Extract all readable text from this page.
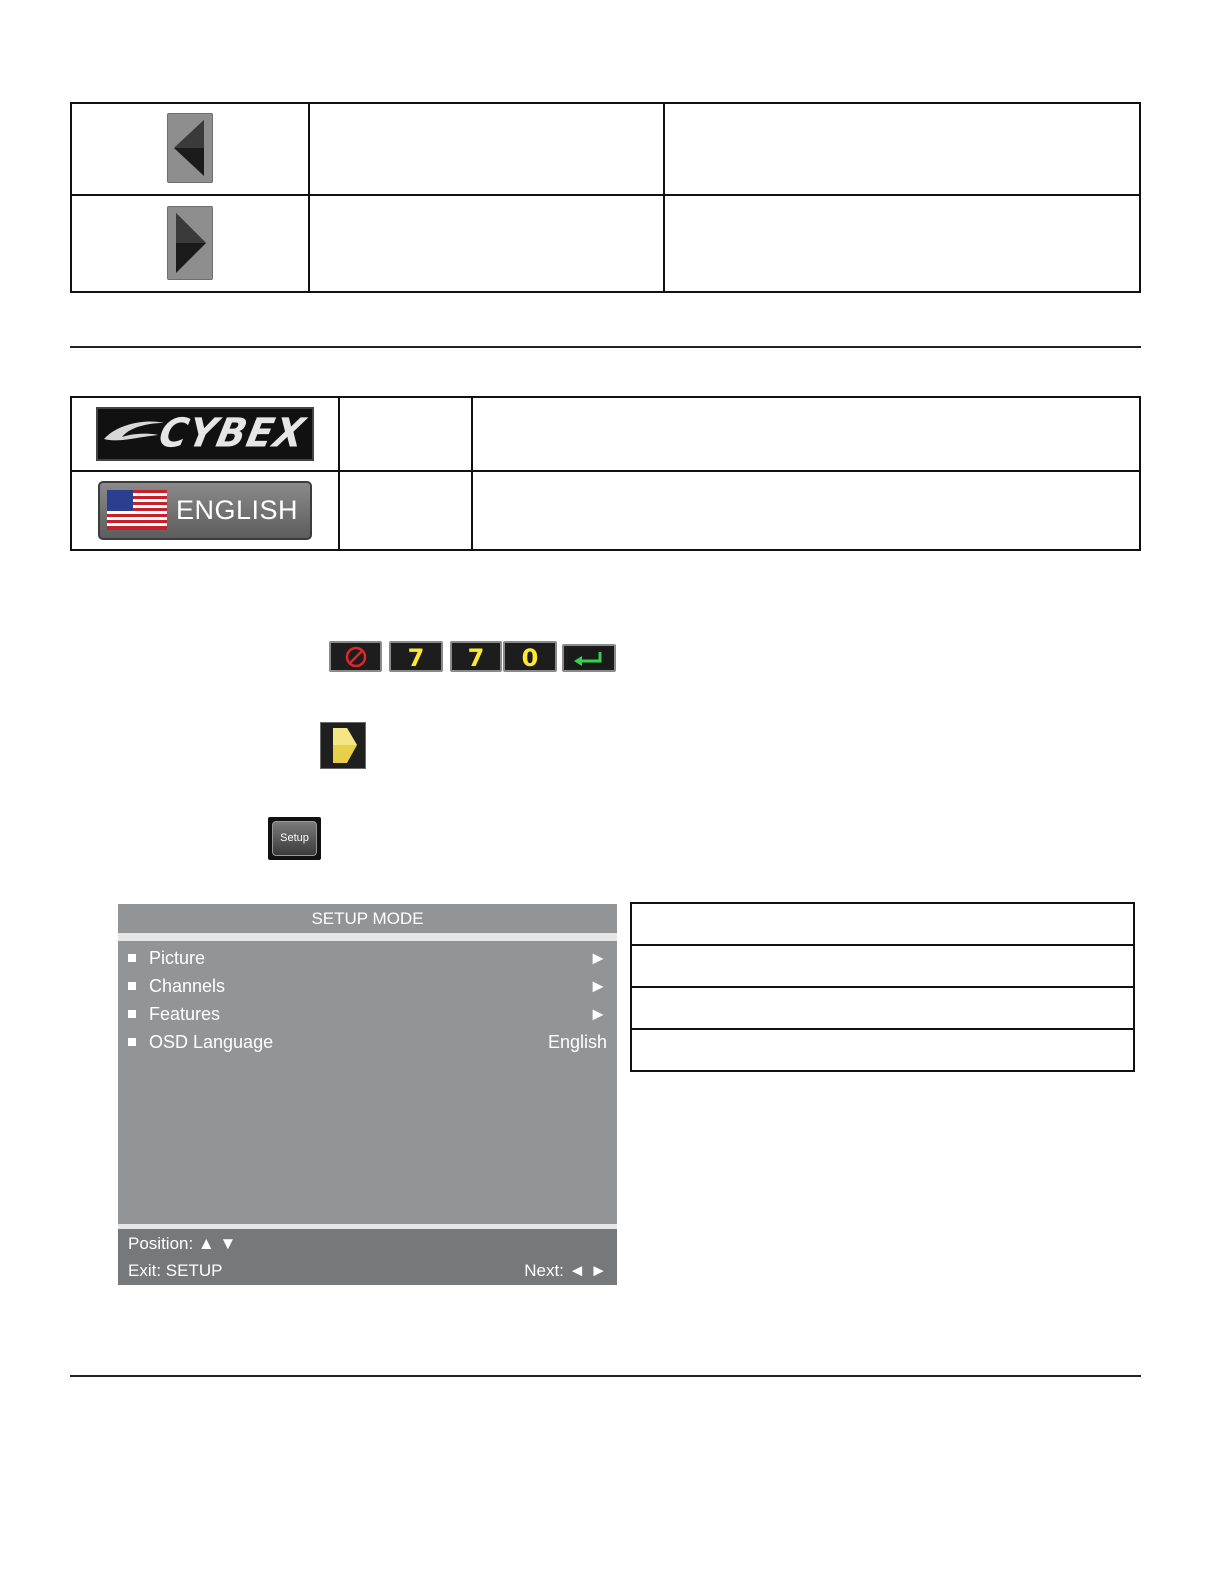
CYBEX		

ENGLISH		

7	7	0
Setup
SETUP MODE
Picture	►
Channels	►
Features	►
OSD Language	English
Position: ▲ ▼
Exit: SETUP	Next: ◄ ►
